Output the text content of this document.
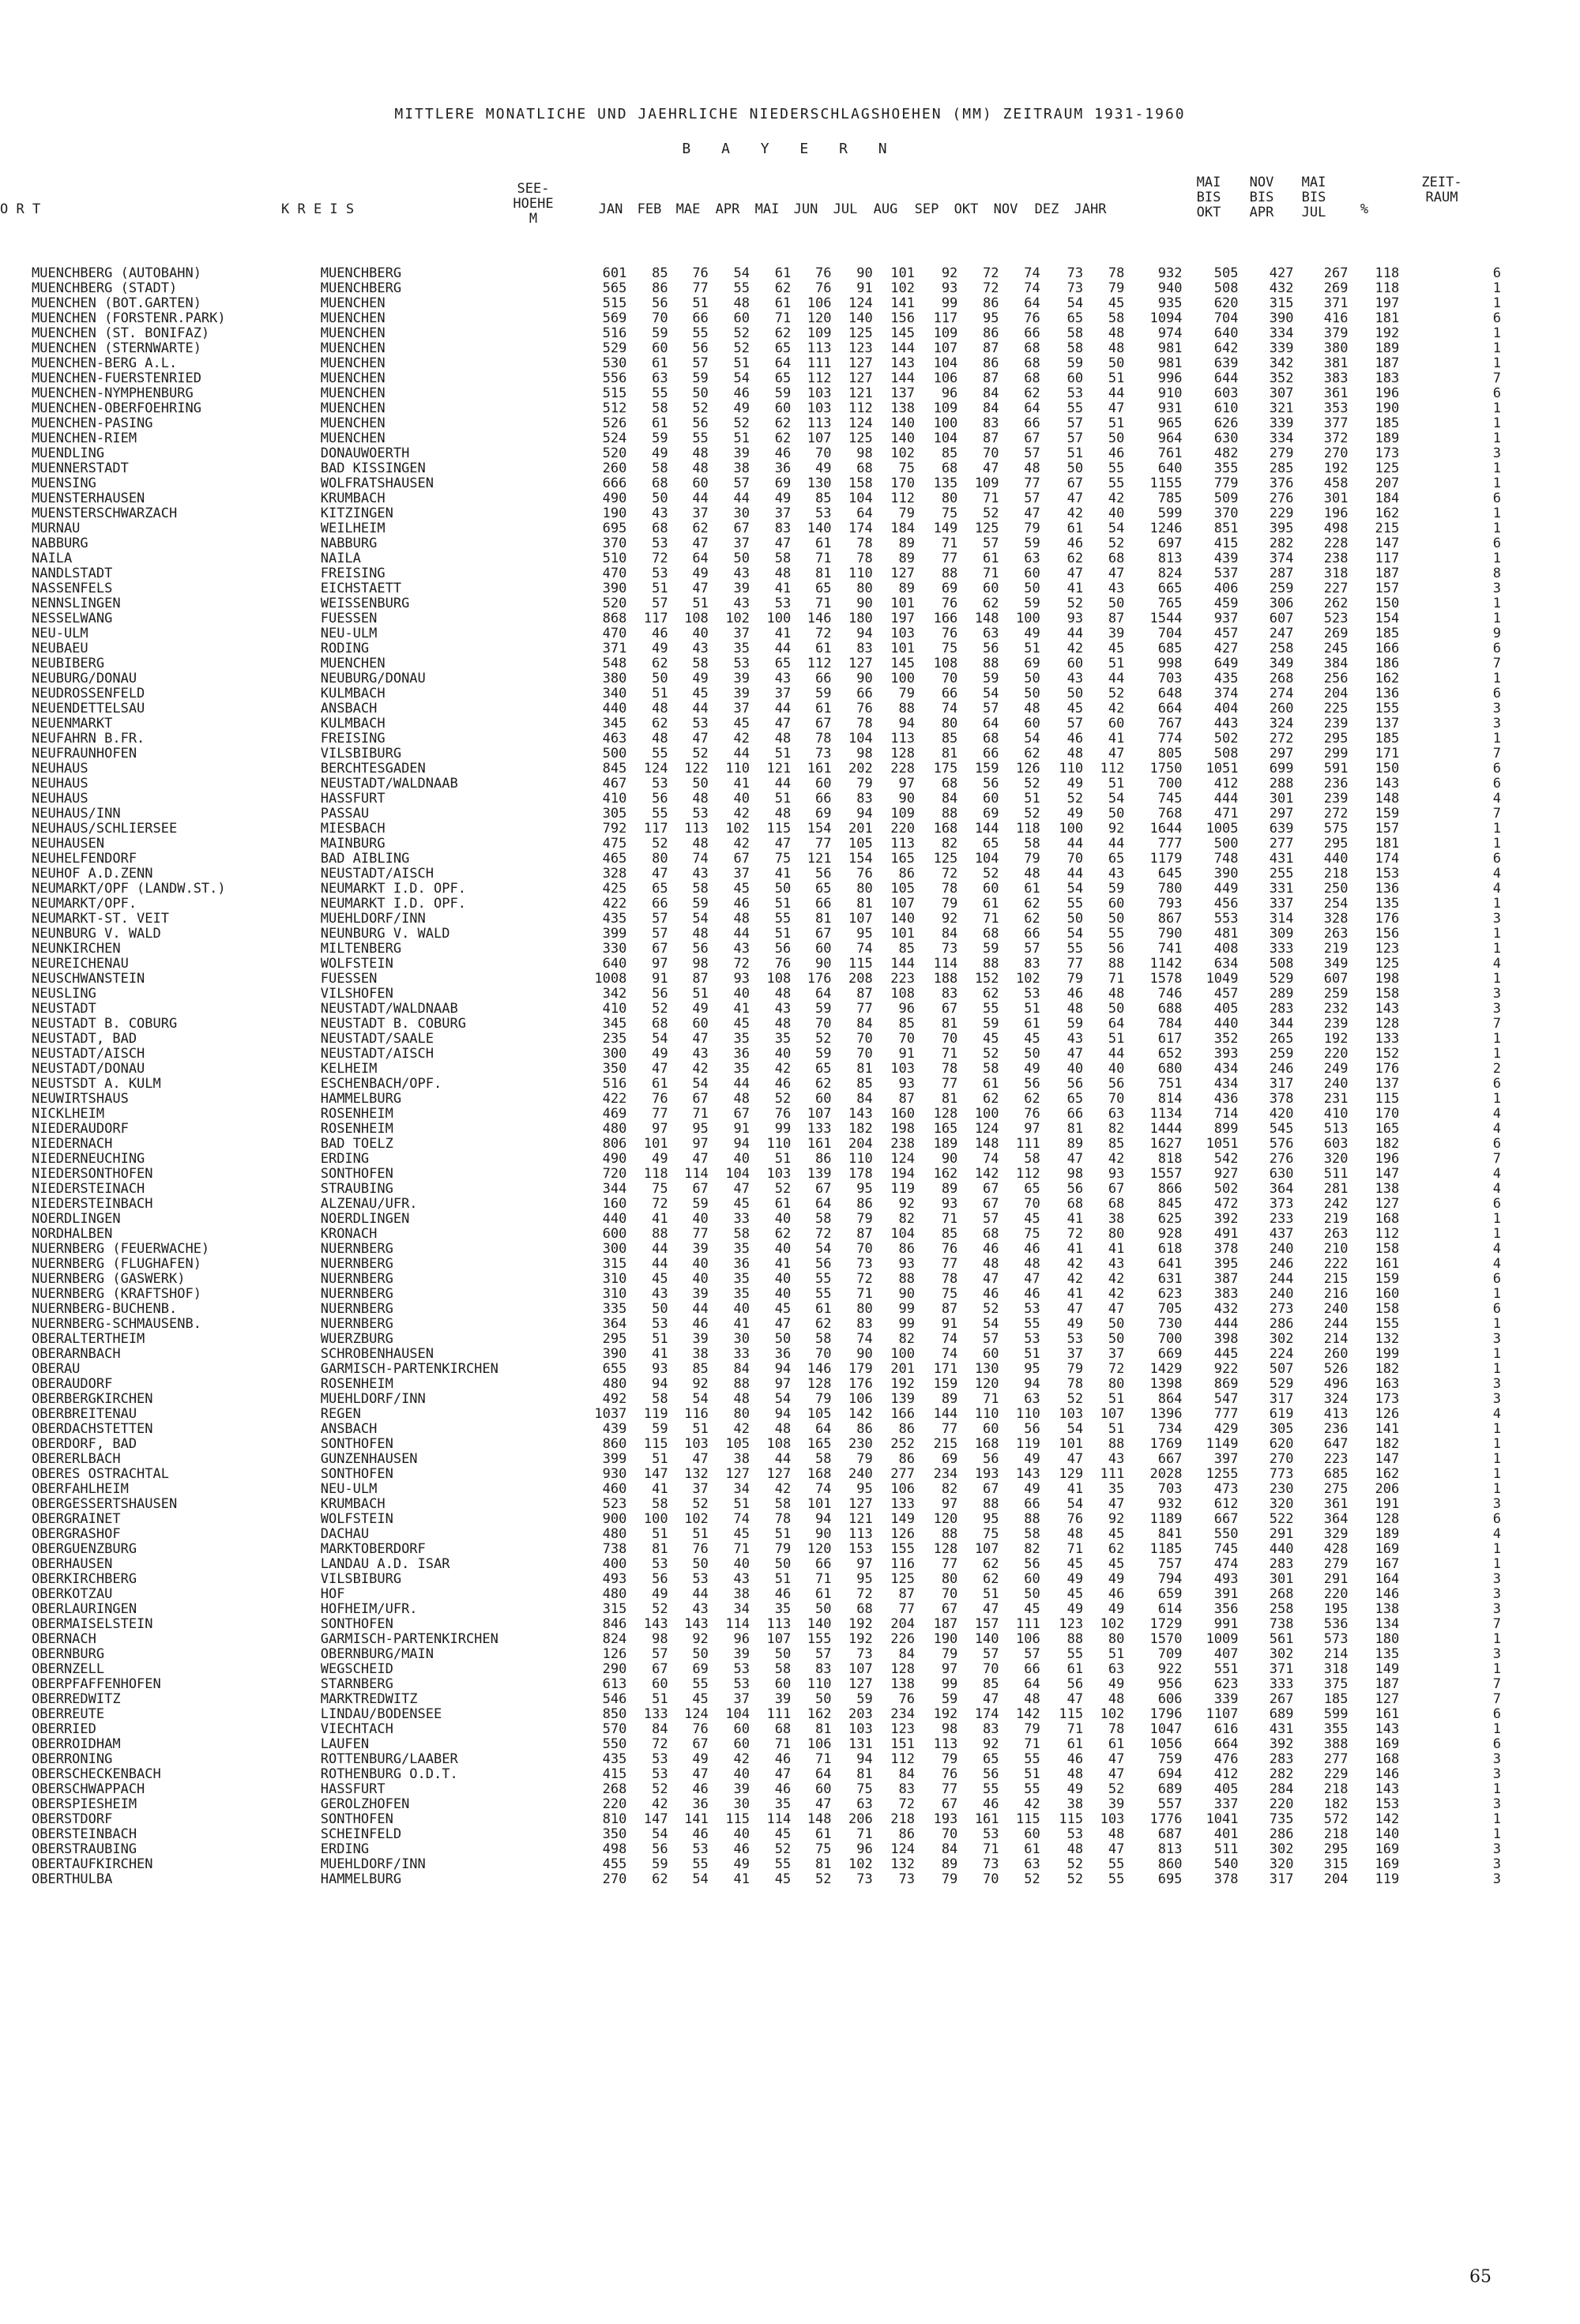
MITTLERE MONATLICHE UND JAEHRLICHE NIEDERSCHLAGSHOEHEN (MM) ZEITRAUM 1931-1960
B A Y E R N
O R T	K R E I S
SEE-
HOEHE
M
JAN	FEB	MAE	APR	MAI	JUN	JUL	AUG	SEP	OKT	NOV	DEZ	JAHR
MAI
BIS
OKT
NOV
BIS
APR
MAI
BIS
JUL	%
ZEIT-
RAUM
MUENCHBERG (AUTOBAHN)	MUENCHBERG	601	85	76	54	61	76	90	101	92	72	74	73	78	932	505	427	267	118	6
MUENCHBERG (STADT)	MUENCHBERG	565	86	77	55	62	76	91	102	93	72	74	73	79	940	508	432	269	118	1
MUENCHEN (BOT.GARTEN)	MUENCHEN	515	56	51	48	61	106	124	141	99	86	64	54	45	935	620	315	371	197	1
MUENCHEN (FORSTENR.PARK)	MUENCHEN	569	70	66	60	71	120	140	156	117	95	76	65	58	1094	704	390	416	181	6
MUENCHEN (ST. BONIFAZ)	MUENCHEN	516	59	55	52	62	109	125	145	109	86	66	58	48	974	640	334	379	192	1
MUENCHEN (STERNWARTE)	MUENCHEN	529	60	56	52	65	113	123	144	107	87	68	58	48	981	642	339	380	189	1
MUENCHEN-BERG A.L.	MUENCHEN	530	61	57	51	64	111	127	143	104	86	68	59	50	981	639	342	381	187	1
MUENCHEN-FUERSTENRIED	MUENCHEN	556	63	59	54	65	112	127	144	106	87	68	60	51	996	644	352	383	183	7
MUENCHEN-NYMPHENBURG	MUENCHEN	515	55	50	46	59	103	121	137	96	84	62	53	44	910	603	307	361	196	6
MUENCHEN-OBERFOEHRING	MUENCHEN	512	58	52	49	60	103	112	138	109	84	64	55	47	931	610	321	353	190	1
MUENCHEN-PASING	MUENCHEN	526	61	56	52	62	113	124	140	100	83	66	57	51	965	626	339	377	185	1
MUENCHEN-RIEM	MUENCHEN	524	59	55	51	62	107	125	140	104	87	67	57	50	964	630	334	372	189	1
MUENDLING	DONAUWOERTH	520	49	48	39	46	70	98	102	85	70	57	51	46	761	482	279	270	173	3
MUENNERSTADT	BAD KISSINGEN	260	58	48	38	36	49	68	75	68	47	48	50	55	640	355	285	192	125	1
MUENSING	WOLFRATSHAUSEN	666	68	60	57	69	130	158	170	135	109	77	67	55	1155	779	376	458	207	1
MUENSTERHAUSEN	KRUMBACH	490	50	44	44	49	85	104	112	80	71	57	47	42	785	509	276	301	184	6
MUENSTERSCHWARZACH	KITZINGEN	190	43	37	30	37	53	64	79	75	52	47	42	40	599	370	229	196	162	1
MURNAU	WEILHEIM	695	68	62	67	83	140	174	184	149	125	79	61	54	1246	851	395	498	215	1
NABBURG	NABBURG	370	53	47	37	47	61	78	89	71	57	59	46	52	697	415	282	228	147	6
NAILA	NAILA	510	72	64	50	58	71	78	89	77	61	63	62	68	813	439	374	238	117	1
NANDLSTADT	FREISING	470	53	49	43	48	81	110	127	88	71	60	47	47	824	537	287	318	187	8
NASSENFELS	EICHSTAETT	390	51	47	39	41	65	80	89	69	60	50	41	43	665	406	259	227	157	3
NENNSLINGEN	WEISSENBURG	520	57	51	43	53	71	90	101	76	62	59	52	50	765	459	306	262	150	1
NESSELWANG	FUESSEN	868	117	108	102	100	146	180	197	166	148	100	93	87	1544	937	607	523	154	1
NEU-ULM	NEU-ULM	470	46	40	37	41	72	94	103	76	63	49	44	39	704	457	247	269	185	9
NEUBAEU	RODING	371	49	43	35	44	61	83	101	75	56	51	42	45	685	427	258	245	166	6
NEUBIBERG	MUENCHEN	548	62	58	53	65	112	127	145	108	88	69	60	51	998	649	349	384	186	7
NEUBURG/DONAU	NEUBURG/DONAU	380	50	49	39	43	66	90	100	70	59	50	43	44	703	435	268	256	162	1
NEUDROSSENFELD	KULMBACH	340	51	45	39	37	59	66	79	66	54	50	50	52	648	374	274	204	136	6
NEUENDETTELSAU	ANSBACH	440	48	44	37	44	61	76	88	74	57	48	45	42	664	404	260	225	155	3
NEUENMARKT	KULMBACH	345	62	53	45	47	67	78	94	80	64	60	57	60	767	443	324	239	137	3
NEUFAHRN B.FR.	FREISING	463	48	47	42	48	78	104	113	85	68	54	46	41	774	502	272	295	185	1
NEUFRAUNHOFEN	VILSBIBURG	500	55	52	44	51	73	98	128	81	66	62	48	47	805	508	297	299	171	7
NEUHAUS	BERCHTESGADEN	845	124	122	110	121	161	202	228	175	159	126	110	112	1750	1051	699	591	150	6
NEUHAUS	NEUSTADT/WALDNAAB	467	53	50	41	44	60	79	97	68	56	52	49	51	700	412	288	236	143	6
NEUHAUS	HASSFURT	410	56	48	40	51	66	83	90	84	60	51	52	54	745	444	301	239	148	4
NEUHAUS/INN	PASSAU	305	55	53	42	48	69	94	109	88	69	52	49	50	768	471	297	272	159	7
NEUHAUS/SCHLIERSEE	MIESBACH	792	117	113	102	115	154	201	220	168	144	118	100	92	1644	1005	639	575	157	1
NEUHAUSEN	MAINBURG	475	52	48	42	47	77	105	113	82	65	58	44	44	777	500	277	295	181	1
NEUHELFENDORF	BAD AIBLING	465	80	74	67	75	121	154	165	125	104	79	70	65	1179	748	431	440	174	6
NEUHOF A.D.ZENN	NEUSTADT/AISCH	328	47	43	37	41	56	76	86	72	52	48	44	43	645	390	255	218	153	4
NEUMARKT/OPF (LANDW.ST.)	NEUMARKT I.D. OPF.	425	65	58	45	50	65	80	105	78	60	61	54	59	780	449	331	250	136	4
NEUMARKT/OPF.	NEUMARKT I.D. OPF.	422	66	59	46	51	66	81	107	79	61	62	55	60	793	456	337	254	135	1
NEUMARKT-ST. VEIT	MUEHLDORF/INN	435	57	54	48	55	81	107	140	92	71	62	50	50	867	553	314	328	176	3
NEUNBURG V. WALD	NEUNBURG V. WALD	399	57	48	44	51	67	95	101	84	68	66	54	55	790	481	309	263	156	1
NEUNKIRCHEN	MILTENBERG	330	67	56	43	56	60	74	85	73	59	57	55	56	741	408	333	219	123	1
NEUREICHENAU	WOLFSTEIN	640	97	98	72	76	90	115	144	114	88	83	77	88	1142	634	508	349	125	4
NEUSCHWANSTEIN	FUESSEN	1008	91	87	93	108	176	208	223	188	152	102	79	71	1578	1049	529	607	198	1
NEUSLING	VILSHOFEN	342	56	51	40	48	64	87	108	83	62	53	46	48	746	457	289	259	158	3
NEUSTADT	NEUSTADT/WALDNAAB	410	52	49	41	43	59	77	96	67	55	51	48	50	688	405	283	232	143	3
NEUSTADT B. COBURG	NEUSTADT B. COBURG	345	68	60	45	48	70	84	85	81	59	61	59	64	784	440	344	239	128	7
NEUSTADT, BAD	NEUSTADT/SAALE	235	54	47	35	35	52	70	70	70	45	45	43	51	617	352	265	192	133	1
NEUSTADT/AISCH	NEUSTADT/AISCH	300	49	43	36	40	59	70	91	71	52	50	47	44	652	393	259	220	152	1
NEUSTADT/DONAU	KELHEIM	350	47	42	35	42	65	81	103	78	58	49	40	40	680	434	246	249	176	2
NEUSTSDT A. KULM	ESCHENBACH/OPF.	516	61	54	44	46	62	85	93	77	61	56	56	56	751	434	317	240	137	6
NEUWIRTSHAUS	HAMMELBURG	422	76	67	48	52	60	84	87	81	62	62	65	70	814	436	378	231	115	1
NICKLHEIM	ROSENHEIM	469	77	71	67	76	107	143	160	128	100	76	66	63	1134	714	420	410	170	4
NIEDERAUDORF	ROSENHEIM	480	97	95	91	99	133	182	198	165	124	97	81	82	1444	899	545	513	165	4
NIEDERNACH	BAD TOELZ	806	101	97	94	110	161	204	238	189	148	111	89	85	1627	1051	576	603	182	6
NIEDERNEUCHING	ERDING	490	49	47	40	51	86	110	124	90	74	58	47	42	818	542	276	320	196	7
NIEDERSONTHOFEN	SONTHOFEN	720	118	114	104	103	139	178	194	162	142	112	98	93	1557	927	630	511	147	4
NIEDERSTEINACH	STRAUBING	344	75	67	47	52	67	95	119	89	67	65	56	67	866	502	364	281	138	4
NIEDERSTEINBACH	ALZENAU/UFR.	160	72	59	45	61	64	86	92	93	67	70	68	68	845	472	373	242	127	6
NOERDLINGEN	NOERDLINGEN	440	41	40	33	40	58	79	82	71	57	45	41	38	625	392	233	219	168	1
NORDHALBEN	KRONACH	600	88	77	58	62	72	87	104	85	68	75	72	80	928	491	437	263	112	1
NUERNBERG (FEUERWACHE)	NUERNBERG	300	44	39	35	40	54	70	86	76	46	46	41	41	618	378	240	210	158	4
NUERNBERG (FLUGHAFEN)	NUERNBERG	315	44	40	36	41	56	73	93	77	48	48	42	43	641	395	246	222	161	4
NUERNBERG (GASWERK)	NUERNBERG	310	45	40	35	40	55	72	88	78	47	47	42	42	631	387	244	215	159	6
NUERNBERG (KRAFTSHOF)	NUERNBERG	310	43	39	35	40	55	71	90	75	46	46	41	42	623	383	240	216	160	1
NUERNBERG-BUCHENB.	NUERNBERG	335	50	44	40	45	61	80	99	87	52	53	47	47	705	432	273	240	158	6
NUERNBERG-SCHMAUSENB.	NUERNBERG	364	53	46	41	47	62	83	99	91	54	55	49	50	730	444	286	244	155	1
OBERALTERTHEIM	WUERZBURG	295	51	39	30	50	58	74	82	74	57	53	53	50	700	398	302	214	132	3
OBERARNBACH	SCHROBENHAUSEN	390	41	38	33	36	70	90	100	74	60	51	37	37	669	445	224	260	199	1
OBERAU	GARMISCH-PARTENKIRCHEN	655	93	85	84	94	146	179	201	171	130	95	79	72	1429	922	507	526	182	1
OBERAUDORF	ROSENHEIM	480	94	92	88	97	128	176	192	159	120	94	78	80	1398	869	529	496	163	3
OBERBERGKIRCHEN	MUEHLDORF/INN	492	58	54	48	54	79	106	139	89	71	63	52	51	864	547	317	324	173	3
OBERBREITENAU	REGEN	1037	119	116	80	94	105	142	166	144	110	110	103	107	1396	777	619	413	126	4
OBERDACHSTETTEN	ANSBACH	439	59	51	42	48	64	86	86	77	60	56	54	51	734	429	305	236	141	1
OBERDORF, BAD	SONTHOFEN	860	115	103	105	108	165	230	252	215	168	119	101	88	1769	1149	620	647	182	1
OBERERLBACH	GUNZENHAUSEN	399	51	47	38	44	58	79	86	69	56	49	47	43	667	397	270	223	147	1
OBERES OSTRACHTAL	SONTHOFEN	930	147	132	127	127	168	240	277	234	193	143	129	111	2028	1255	773	685	162	1
OBERFAHLHEIM	NEU-ULM	460	41	37	34	42	74	95	106	82	67	49	41	35	703	473	230	275	206	1
OBERGESSERTSHAUSEN	KRUMBACH	523	58	52	51	58	101	127	133	97	88	66	54	47	932	612	320	361	191	3
OBERGRAINET	WOLFSTEIN	900	100	102	74	78	94	121	149	120	95	88	76	92	1189	667	522	364	128	6
OBERGRASHOF	DACHAU	480	51	51	45	51	90	113	126	88	75	58	48	45	841	550	291	329	189	4
OBERGUENZBURG	MARKTOBERDORF	738	81	76	71	79	120	153	155	128	107	82	71	62	1185	745	440	428	169	1
OBERHAUSEN	LANDAU A.D. ISAR	400	53	50	40	50	66	97	116	77	62	56	45	45	757	474	283	279	167	1
OBERKIRCHBERG	VILSBIBURG	493	56	53	43	51	71	95	125	80	62	60	49	49	794	493	301	291	164	3
OBERKOTZAU	HOF	480	49	44	38	46	61	72	87	70	51	50	45	46	659	391	268	220	146	3
OBERLAURINGEN	HOFHEIM/UFR.	315	52	43	34	35	50	68	77	67	47	45	49	49	614	356	258	195	138	3
OBERMAISELSTEIN	SONTHOFEN	846	143	143	114	113	140	192	204	187	157	111	123	102	1729	991	738	536	134	7
OBERNACH	GARMISCH-PARTENKIRCHEN	824	98	92	96	107	155	192	226	190	140	106	88	80	1570	1009	561	573	180	1
OBERNBURG	OBERNBURG/MAIN	126	57	50	39	50	57	73	84	79	57	57	55	51	709	407	302	214	135	3
OBERNZELL	WEGSCHEID	290	67	69	53	58	83	107	128	97	70	66	61	63	922	551	371	318	149	1
OBERPFAFFENHOFEN	STARNBERG	613	60	55	53	60	110	127	138	99	85	64	56	49	956	623	333	375	187	7
OBERREDWITZ	MARKTREDWITZ	546	51	45	37	39	50	59	76	59	47	48	47	48	606	339	267	185	127	7
OBERREUTE	LINDAU/BODENSEE	850	133	124	104	111	162	203	234	192	174	142	115	102	1796	1107	689	599	161	6
OBERRIED	VIECHTACH	570	84	76	60	68	81	103	123	98	83	79	71	78	1047	616	431	355	143	1
OBERROIDHAM	LAUFEN	550	72	67	60	71	106	131	151	113	92	71	61	61	1056	664	392	388	169	6
OBERRONING	ROTTENBURG/LAABER	435	53	49	42	46	71	94	112	79	65	55	46	47	759	476	283	277	168	3
OBERSCHECKENBACH	ROTHENBURG O.D.T.	415	53	47	40	47	64	81	84	76	56	51	48	47	694	412	282	229	146	3
OBERSCHWAPPACH	HASSFURT	268	52	46	39	46	60	75	83	77	55	55	49	52	689	405	284	218	143	1
OBERSPIESHEIM	GEROLZHOFEN	220	42	36	30	35	47	63	72	67	46	42	38	39	557	337	220	182	153	3
OBERSTDORF	SONTHOFEN	810	147	141	115	114	148	206	218	193	161	115	115	103	1776	1041	735	572	142	1
OBERSTEINBACH	SCHEINFELD	350	54	46	40	45	61	71	86	70	53	60	53	48	687	401	286	218	140	1
OBERSTRAUBING	ERDING	498	56	53	46	52	75	96	124	84	71	61	48	47	813	511	302	295	169	3
OBERTAUFKIRCHEN	MUEHLDORF/INN	455	59	55	49	55	81	102	132	89	73	63	52	55	860	540	320	315	169	3
OBERTHULBA	HAMMELBURG	270	62	54	41	45	52	73	73	79	70	52	52	55	695	378	317	204	119	3
65
